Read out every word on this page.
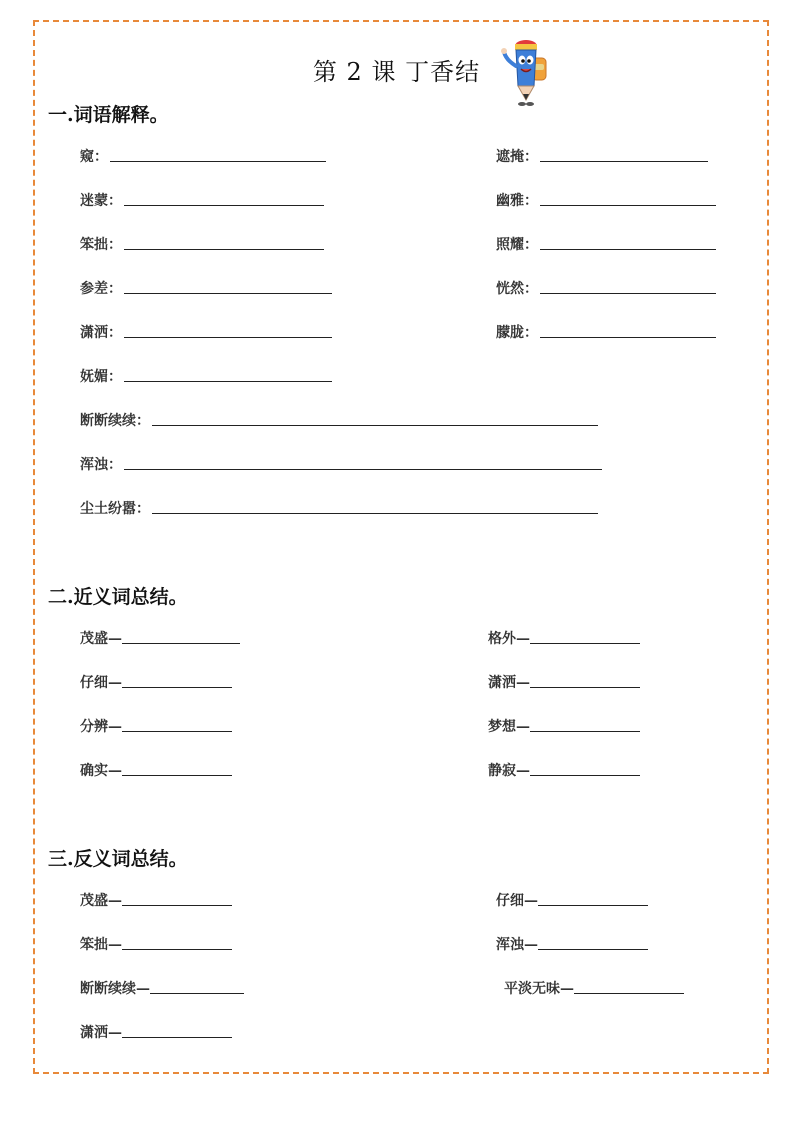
第 2 课 丁香结
一.词语解释。
窥：
迷蒙：
笨拙：
参差：
潇洒：
妩媚：
遮掩：
幽雅：
照耀：
恍然：
朦胧：
断断续续：
浑浊：
尘土纷嚣：
二.近义词总结。
茂盛—
仔细—
分辨—
确实—
格外—
潇洒—
梦想—
静寂—
三.反义词总结。
茂盛—
笨拙—
断断续续—
潇洒—
仔细—
浑浊—
平淡无味—
